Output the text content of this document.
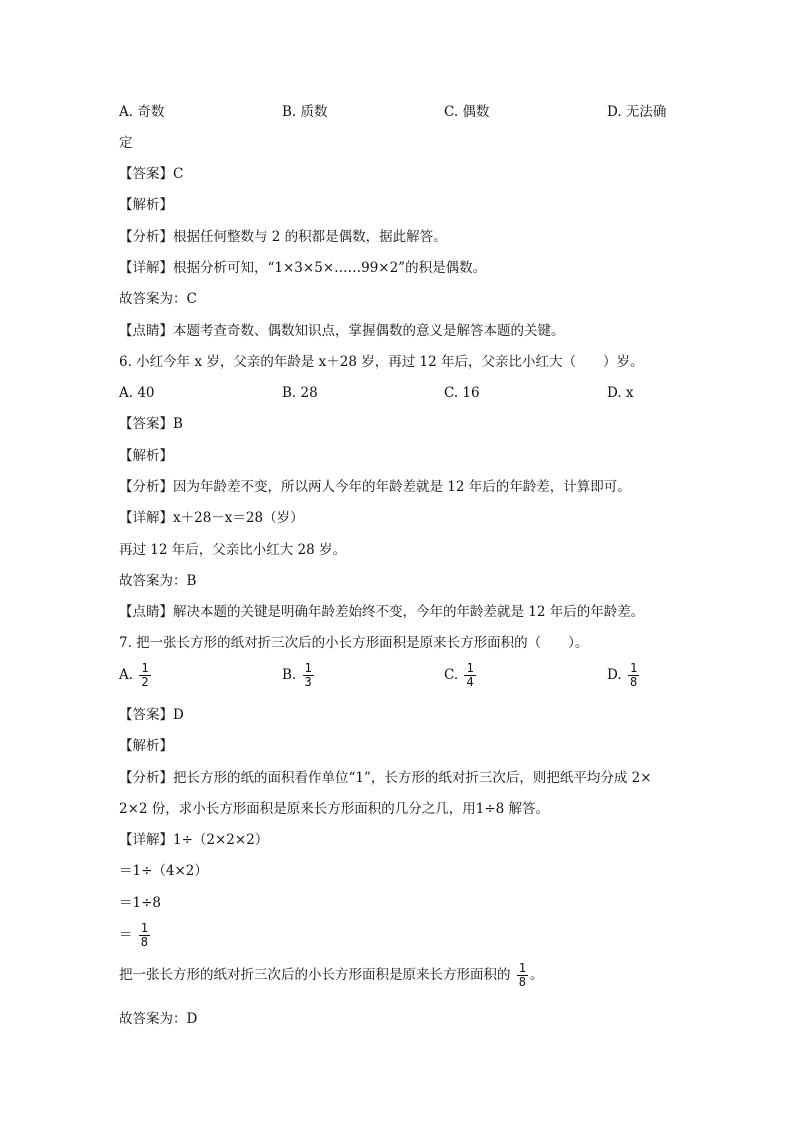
A. 奇数	B. 质数	C. 偶数	D. 无法确
定
【答案】C
【解析】
【分析】根据任何整数与 2 的积都是偶数，据此解答。
【详解】根据分析可知，“1×3×5×……99×2”的积是偶数。
故答案为：C
【点睛】本题考查奇数、偶数知识点，掌握偶数的意义是解答本题的关键。
6. 小红今年 x 岁，父亲的年龄是 x＋28 岁，再过 12 年后，父亲比小红大（　　）岁。
A. 40	B. 28	C. 16	D. x
【答案】B
【解析】
【分析】因为年龄差不变，所以两人今年的年龄差就是 12 年后的年龄差，计算即可。
【详解】x＋28－x＝28（岁）
再过 12 年后，父亲比小红大 28 岁。
故答案为：B
【点睛】解决本题的关键是明确年龄差始终不变，今年的年龄差就是 12 年后的年龄差。
7. 把一张长方形的纸对折三次后的小长方形面积是原来长方形面积的（　　）。
A. $\frac{1}{2}$	B. $\frac{1}{3}$	C. $\frac{1}{4}$	D. $\frac{1}{8}$
【答案】D
【解析】
【分析】把长方形的纸的面积看作单位“1”，长方形的纸对折三次后，则把纸平均分成 2×
2×2 份，求小长方形面积是原来长方形面积的几分之几，用1÷8 解答。
【详解】1÷（2×2×2）
＝1÷（4×2）
＝1÷8
＝ $\frac{1}{8}$
把一张长方形的纸对折三次后的小长方形面积是原来长方形面积的 $\frac{1}{8}$ 。
故答案为：D
